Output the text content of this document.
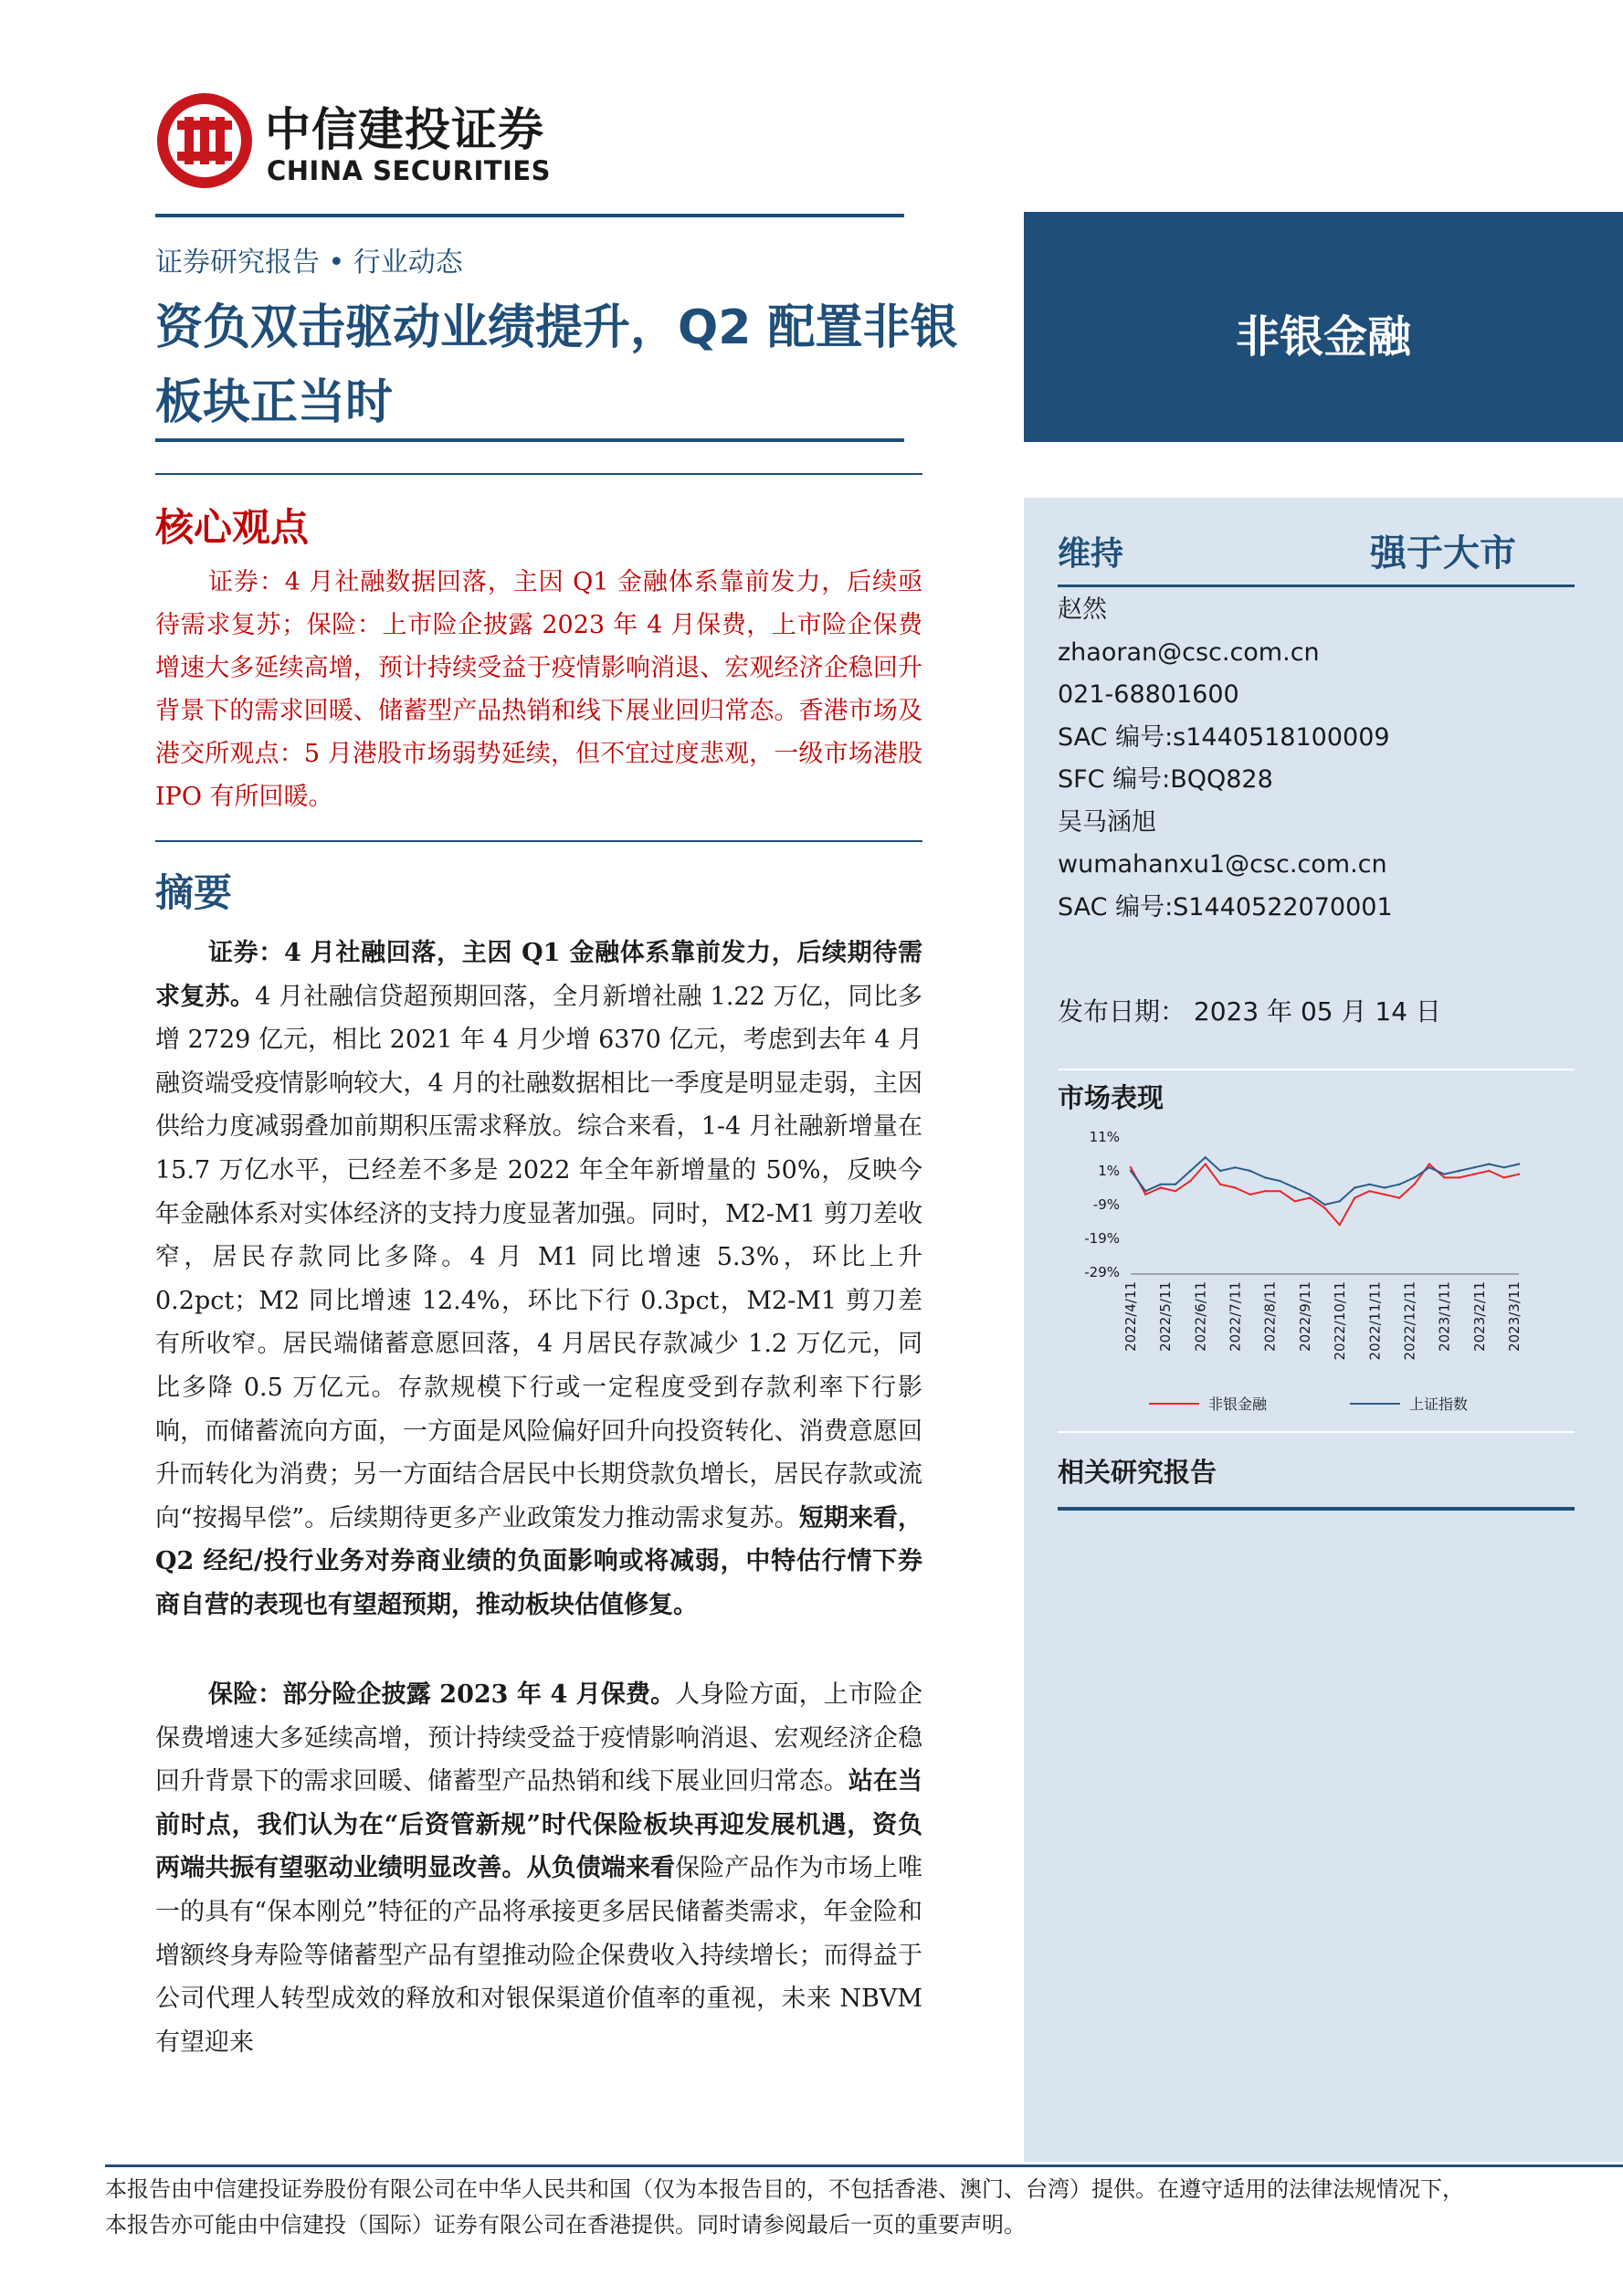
中信建投证券
CHINA SECURITIES
证券研究报告 • 行业动态
资负双击驱动业绩提升，Q2 配置非银板块正当时
核心观点
证券：4 月社融数据回落，主因 Q1 金融体系靠前发力，后续亟待需求复苏；保险：上市险企披露 2023 年 4 月保费，上市险企保费增速大多延续高增，预计持续受益于疫情影响消退、宏观经济企稳回升背景下的需求回暖、储蓄型产品热销和线下展业回归常态。香港市场及港交所观点：5 月港股市场弱势延续，但不宜过度悲观，一级市场港股 IPO 有所回暖。
摘要
证券：4 月社融回落，主因 Q1 金融体系靠前发力，后续期待需求复苏。4 月社融信贷超预期回落，全月新增社融 1.22 万亿，同比多增 2729 亿元，相比 2021 年 4 月少增 6370 亿元，考虑到去年 4 月融资端受疫情影响较大，4 月的社融数据相比一季度是明显走弱，主因供给力度减弱叠加前期积压需求释放。综合来看，1-4 月社融新增量在 15.7 万亿水平，已经差不多是 2022 年全年新增量的 50%，反映今年金融体系对实体经济的支持力度显著加强。同时，M2-M1 剪刀差收窄，居民存款同比多降。4 月 M1 同比增速 5.3%，环比上升 0.2pct；M2 同比增速 12.4%，环比下行 0.3pct，M2-M1 剪刀差有所收窄。居民端储蓄意愿回落，4 月居民存款减少 1.2 万亿元，同比多降 0.5 万亿元。存款规模下行或一定程度受到存款利率下行影响，而储蓄流向方面，一方面是风险偏好回升向投资转化、消费意愿回升而转化为消费；另一方面结合居民中长期贷款负增长，居民存款或流向“按揭早偿”。后续期待更多产业政策发力推动需求复苏。短期来看，Q2 经纪/投行业务对券商业绩的负面影响或将减弱，中特估行情下券商自营的表现也有望超预期，推动板块估值修复。
保险：部分险企披露 2023 年 4 月保费。人身险方面，上市险企保费增速大多延续高增，预计持续受益于疫情影响消退、宏观经济企稳回升背景下的需求回暖、储蓄型产品热销和线下展业回归常态。站在当前时点，我们认为在“后资管新规”时代保险板块再迎发展机遇，资负两端共振有望驱动业绩明显改善。从负债端来看保险产品作为市场上唯一的具有“保本刚兑”特征的产品将承接更多居民储蓄类需求，年金险和增额终身寿险等储蓄型产品有望推动险企保费收入持续增长；而得益于公司代理人转型成效的释放和对银保渠道价值率的重视，未来 NBVM 有望迎来
非银金融
维持	强于大市
赵然
zhaoran@csc.com.cn
021-68801600
SAC 编号:s1440518100009
SFC 编号:BQQ828
吴马涵旭
wumahanxu1@csc.com.cn
SAC 编号:S1440522070001
发布日期： 2023 年 05 月 14 日
市场表现
11%
1%
-9%
-19%
-29%
2022/4/11 2022/5/11 2022/6/11 2022/7/11 2022/8/11 2022/9/11 2022/10/11 2022/11/11 2022/12/11 2023/1/11 2023/2/11 2023/3/11
非银金融	上证指数
相关研究报告
本报告由中信建投证券股份有限公司在中华人民共和国（仅为本报告目的，不包括香港、澳门、台湾）提供。在遵守适用的法律法规情况下，
本报告亦可能由中信建投（国际）证券有限公司在香港提供。同时请参阅最后一页的重要声明。
